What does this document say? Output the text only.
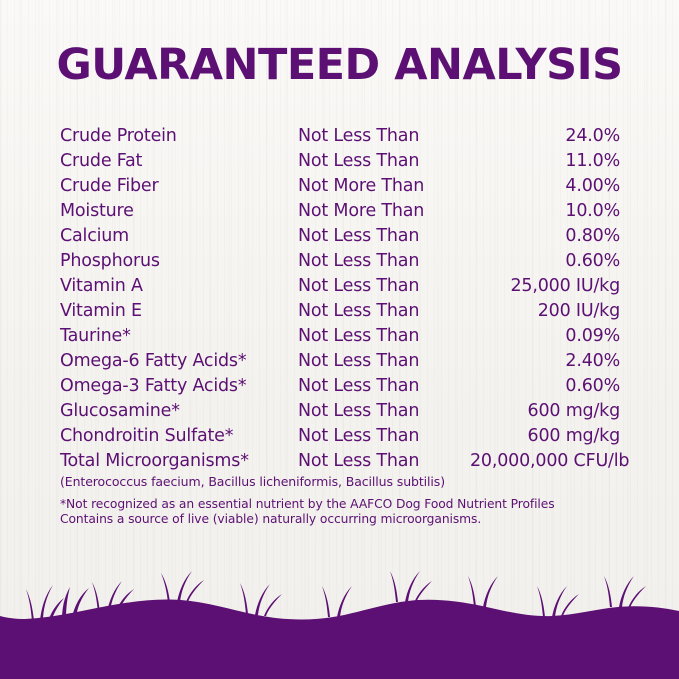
GUARANTEED ANALYSIS
Crude Protein	Not Less Than	24.0%
Crude Fat	Not Less Than	11.0%
Crude Fiber	Not More Than	4.00%
Moisture	Not More Than	10.0%
Calcium	Not Less Than	0.80%
Phosphorus	Not Less Than	0.60%
Vitamin A	Not Less Than	25,000 IU/kg
Vitamin E	Not Less Than	200 IU/kg
Taurine*	Not Less Than	0.09%
Omega-6 Fatty Acids*	Not Less Than	2.40%
Omega-3 Fatty Acids*	Not Less Than	0.60%
Glucosamine*	Not Less Than	600 mg/kg
Chondroitin Sulfate*	Not Less Than	600 mg/kg
Total Microorganisms*	Not Less Than	20,000,000 CFU/lb
(Enterococcus faecium, Bacillus licheniformis, Bacillus subtilis)
*Not recognized as an essential nutrient by the AAFCO Dog Food Nutrient Profiles
Contains a source of live (viable) naturally occurring microorganisms.
